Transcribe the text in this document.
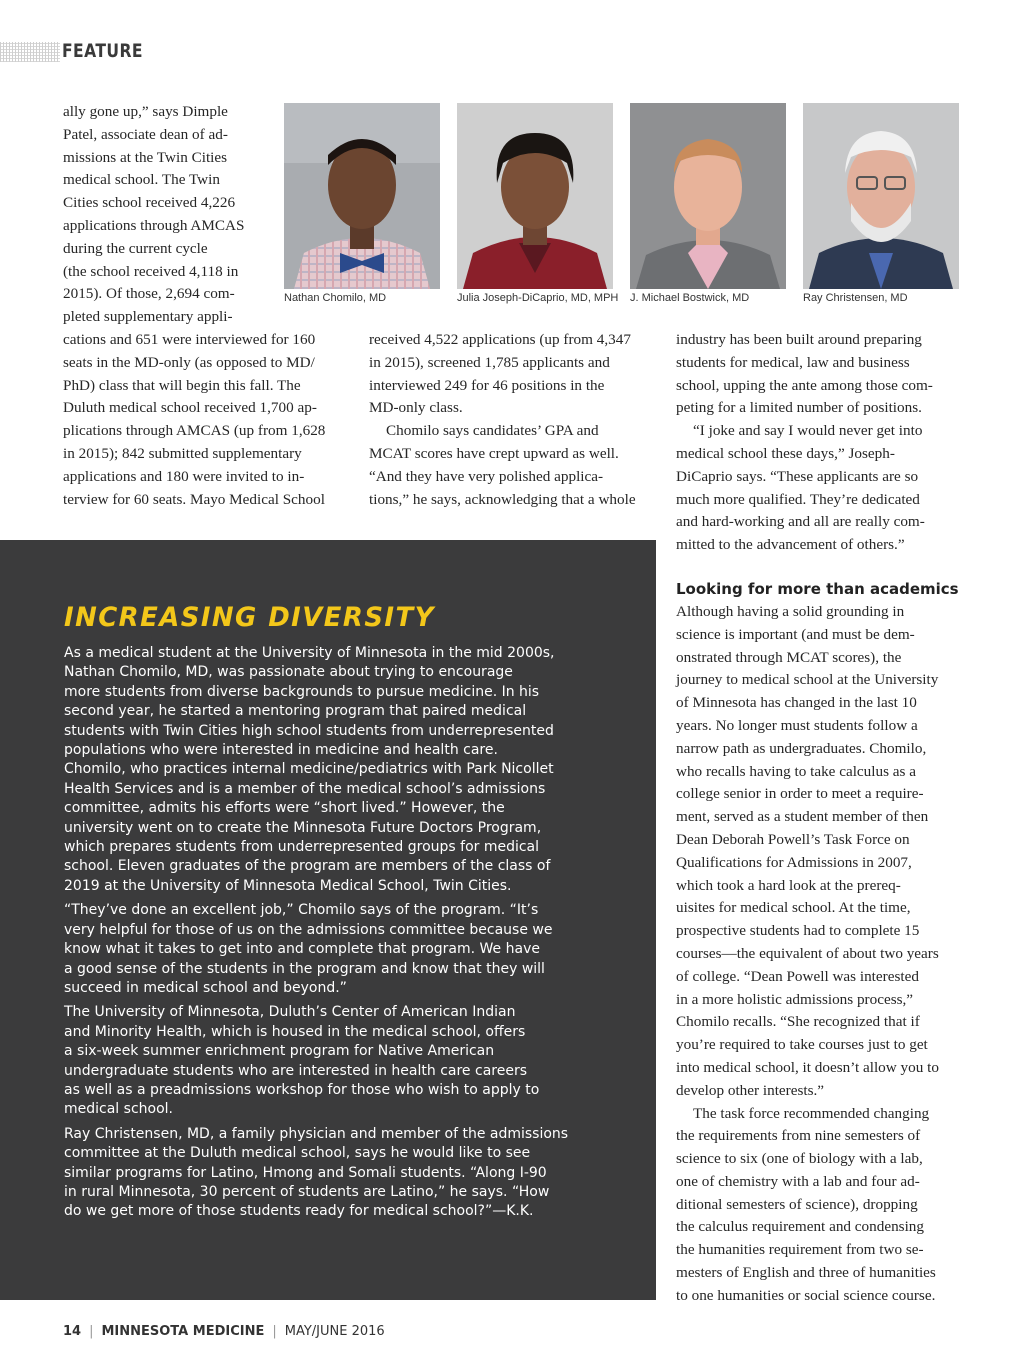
FEATURE
Nathan Chomilo, MD	Julia Joseph-DiCaprio, MD, MPH J. Michael Bostwick, MD	Ray Christensen, MD
ally gone up,” says Dimple
Patel, associate dean of ad-
missions at the Twin Cities
medical school. The Twin
Cities school received 4,226
applications through AMCAS
during the current cycle
(the school received 4,118 in
2015). Of those, 2,694 com-
pleted supplementary appli-
cations and 651 were interviewed for 160
seats in the MD-only (as opposed to MD/
PhD) class that will begin this fall. The
Duluth medical school received 1,700 ap-
plications through AMCAS (up from 1,628
in 2015); 842 submitted supplementary
applications and 180 were invited to in-
terview for 60 seats. Mayo Medical School
received 4,522 applications (up from 4,347
in 2015), screened 1,785 applicants and
interviewed 249 for 46 positions in the
MD-only class.
Chomilo says candidates’ GPA and
MCAT scores have crept upward as well.
“And they have very polished applica-
tions,” he says, acknowledging that a whole
industry has been built around preparing
students for medical, law and business
school, upping the ante among those com-
peting for a limited number of positions.
“I joke and say I would never get into
medical school these days,” Joseph-
DiCaprio says. “These applicants are so
much more qualified. They’re dedicated
and hard-working and all are really com-
mitted to the advancement of others.”
Looking for more than academics
Although having a solid grounding in
science is important (and must be dem-
onstrated through MCAT scores), the
journey to medical school at the University
of Minnesota has changed in the last 10
years. No longer must students follow a
narrow path as undergraduates. Chomilo,
who recalls having to take calculus as a
college senior in order to meet a require-
ment, served as a student member of then
Dean Deborah Powell’s Task Force on
Qualifications for Admissions in 2007,
which took a hard look at the prereq-
uisites for medical school. At the time,
prospective students had to complete 15
courses—the equivalent of about two years
of college. “Dean Powell was interested
in a more holistic admissions process,”
Chomilo recalls. “She recognized that if
you’re required to take courses just to get
into medical school, it doesn’t allow you to
develop other interests.”
The task force recommended changing
the requirements from nine semesters of
science to six (one of biology with a lab,
one of chemistry with a lab and four ad-
ditional semesters of science), dropping
the calculus requirement and condensing
the humanities requirement from two se-
mesters of English and three of humanities
to one humanities or social science course.
INCREASING DIVERSITY

As a medical student at the University of Minnesota in the mid 2000s,
Nathan Chomilo, MD, was passionate about trying to encourage
more students from diverse backgrounds to pursue medicine. In his
second year, he started a mentoring program that paired medical
students with Twin Cities high school students from underrepresented
populations who were interested in medicine and health care.
Chomilo, who practices internal medicine/pediatrics with Park Nicollet
Health Services and is a member of the medical school’s admissions
committee, admits his efforts were “short lived.” However, the
university went on to create the Minnesota Future Doctors Program,
which prepares students from underrepresented groups for medical
school. Eleven graduates of the program are members of the class of
2019 at the University of Minnesota Medical School, Twin Cities.

“They’ve done an excellent job,” Chomilo says of the program. “It’s
very helpful for those of us on the admissions committee because we
know what it takes to get into and complete that program. We have
a good sense of the students in the program and know that they will
succeed in medical school and beyond.”

The University of Minnesota, Duluth’s Center of American Indian
and Minority Health, which is housed in the medical school, offers
a six-week summer enrichment program for Native American
undergraduate students who are interested in health care careers
as well as a preadmissions workshop for those who wish to apply to
medical school.

Ray Christensen, MD, a family physician and member of the admissions
committee at the Duluth medical school, says he would like to see
similar programs for Latino, Hmong and Somali students. “Along I-90
in rural Minnesota, 30 percent of students are Latino,” he says. “How
do we get more of those students ready for medical school?”—K.K.

14 | MINNESOTA MEDICINE | MAY/JUNE 2016
